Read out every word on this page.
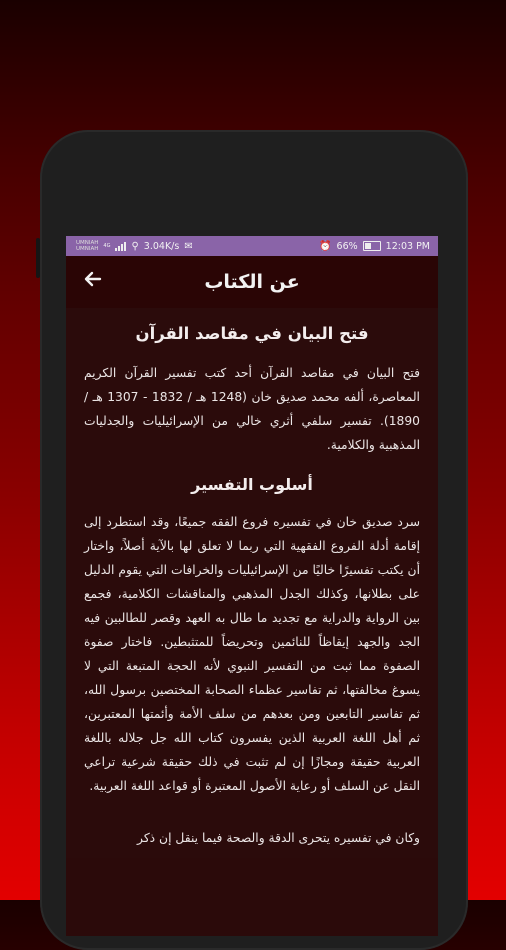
UMNIAH
UMNIAH 4G ⚲ 3.04K/s ✉	⏰ 66%	12:03 PM
عن الكتاب
فتح البيان في مقاصد القرآن

فتح البيان في مقاصد القرآن أحد كتب تفسير القرآن الكريم المعاصرة، ألفه محمد صديق خان (1248 هـ / 1832 - 1307 هـ / 1890). تفسير سلفي أثري خالي من الإسرائيليات والجدليات المذهبية والكلامية.

أسلوب التفسير

سرد صديق خان في تفسيره فروع الفقه جميعًا، وقد استطرد إلى إقامة أدلة الفروع الفقهية التي ربما لا تعلق لها بالآية أصلاً، واختار أن يكتب تفسيرًا خاليًا من الإسرائيليات والخرافات التي يقوم الدليل على بطلانها، وكذلك الجدل المذهبي والمناقشات الكلامية، فجمع بين الرواية والدراية مع تجديد ما طال به العهد وقصر للطالبين فيه الجد والجهد إيقاظاً للنائمين وتحريضاً للمتثبطين. فاختار صفوة الصفوة مما ثبت من التفسير النبوي لأنه الحجة المتبعة التي لا يسوغ مخالفتها، ثم تفاسير عظماء الصحابة المختصين برسول الله، ثم تفاسير التابعين ومن بعدهم من سلف الأمة وأئمتها المعتبرين، ثم أهل اللغة العربية الذين يفسرون كتاب الله جل جلاله باللغة العربية حقيقة ومجازًا إن لم تثبت في ذلك حقيقة شرعية تراعي النقل عن السلف أو رعاية الأصول المعتبرة أو قواعد اللغة العربية.

وكان في تفسيره يتحرى الدقة والصحة فيما ينقل إن ذكر
